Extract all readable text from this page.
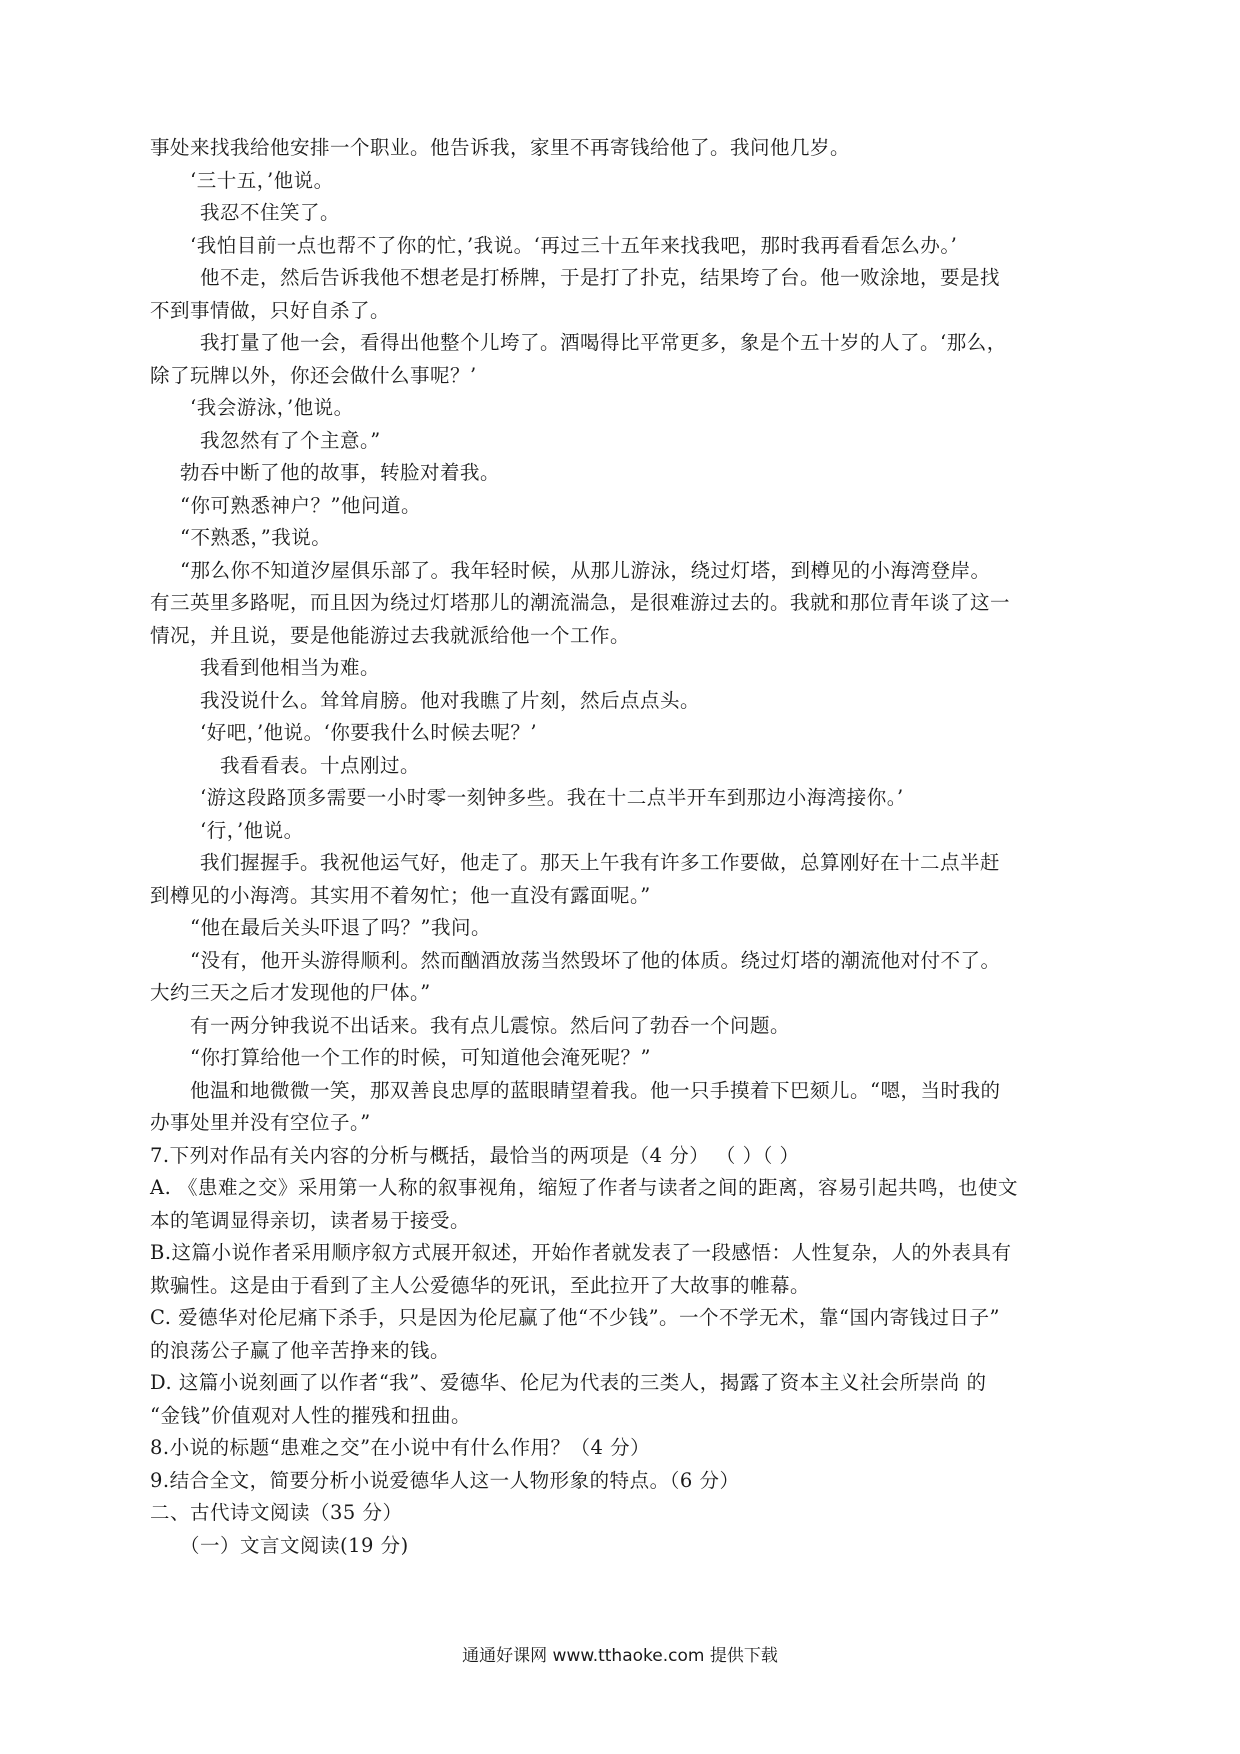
事处来找我给他安排一个职业。他告诉我，家里不再寄钱给他了。我问他几岁。
‘三十五，’他说。
我忍不住笑了。
‘我怕目前一点也帮不了你的忙，’我说。‘再过三十五年来找我吧，那时我再看看怎么办。’
他不走，然后告诉我他不想老是打桥牌，于是打了扑克，结果垮了台。他一败涂地，要是找
不到事情做，只好自杀了。
我打量了他一会，看得出他整个儿垮了。酒喝得比平常更多，象是个五十岁的人了。‘那么，
除了玩牌以外，你还会做什么事呢？’
‘我会游泳，’他说。
我忽然有了个主意。”
勃吞中断了他的故事，转脸对着我。
“你可熟悉神户？”他问道。
“不熟悉，”我说。
“那么你不知道汐屋俱乐部了。我年轻时候，从那儿游泳，绕过灯塔，到樽见的小海湾登岸。
有三英里多路呢，而且因为绕过灯塔那儿的潮流湍急，是很难游过去的。我就和那位青年谈了这一
情况，并且说，要是他能游过去我就派给他一个工作。
我看到他相当为难。
我没说什么。耸耸肩膀。他对我瞧了片刻，然后点点头。
‘好吧，’他说。‘你要我什么时候去呢？’
我看看表。十点刚过。
‘游这段路顶多需要一小时零一刻钟多些。我在十二点半开车到那边小海湾接你。’
‘行，’他说。
我们握握手。我祝他运气好，他走了。那天上午我有许多工作要做，总算刚好在十二点半赶
到樽见的小海湾。其实用不着匆忙；他一直没有露面呢。”
“他在最后关头吓退了吗？”我问。
“没有，他开头游得顺利。然而酗酒放荡当然毁坏了他的体质。绕过灯塔的潮流他对付不了。
大约三天之后才发现他的尸体。”
有一两分钟我说不出话来。我有点儿震惊。然后问了勃吞一个问题。
“你打算给他一个工作的时候，可知道他会淹死呢？”
他温和地微微一笑，那双善良忠厚的蓝眼睛望着我。他一只手摸着下巴颏儿。“嗯，当时我的
办事处里并没有空位子。”
7.下列对作品有关内容的分析与概括，最恰当的两项是（4 分） （ ）（ ）
A. 《患难之交》采用第一人称的叙事视角，缩短了作者与读者之间的距离，容易引起共鸣，也使文
本的笔调显得亲切，读者易于接受。
B.这篇小说作者采用顺序叙方式展开叙述，开始作者就发表了一段感悟：人性复杂，人的外表具有
欺骗性。这是由于看到了主人公爱德华的死讯，至此拉开了大故事的帷幕。
C. 爱德华对伦尼痛下杀手，只是因为伦尼赢了他“不少钱”。一个不学无术，靠“国内寄钱过日子”
的浪荡公子赢了他辛苦挣来的钱。
D. 这篇小说刻画了以作者“我”、爱德华、伦尼为代表的三类人，揭露了资本主义社会所崇尚 的
“金钱”价值观对人性的摧残和扭曲。
8.小说的标题“患难之交”在小说中有什么作用？（4 分）
9.结合全文，简要分析小说爱德华人这一人物形象的特点。（6 分）
二、古代诗文阅读（35 分）
（一）文言文阅读(19 分)
通通好课网 www.tthaoke.com 提供下载
